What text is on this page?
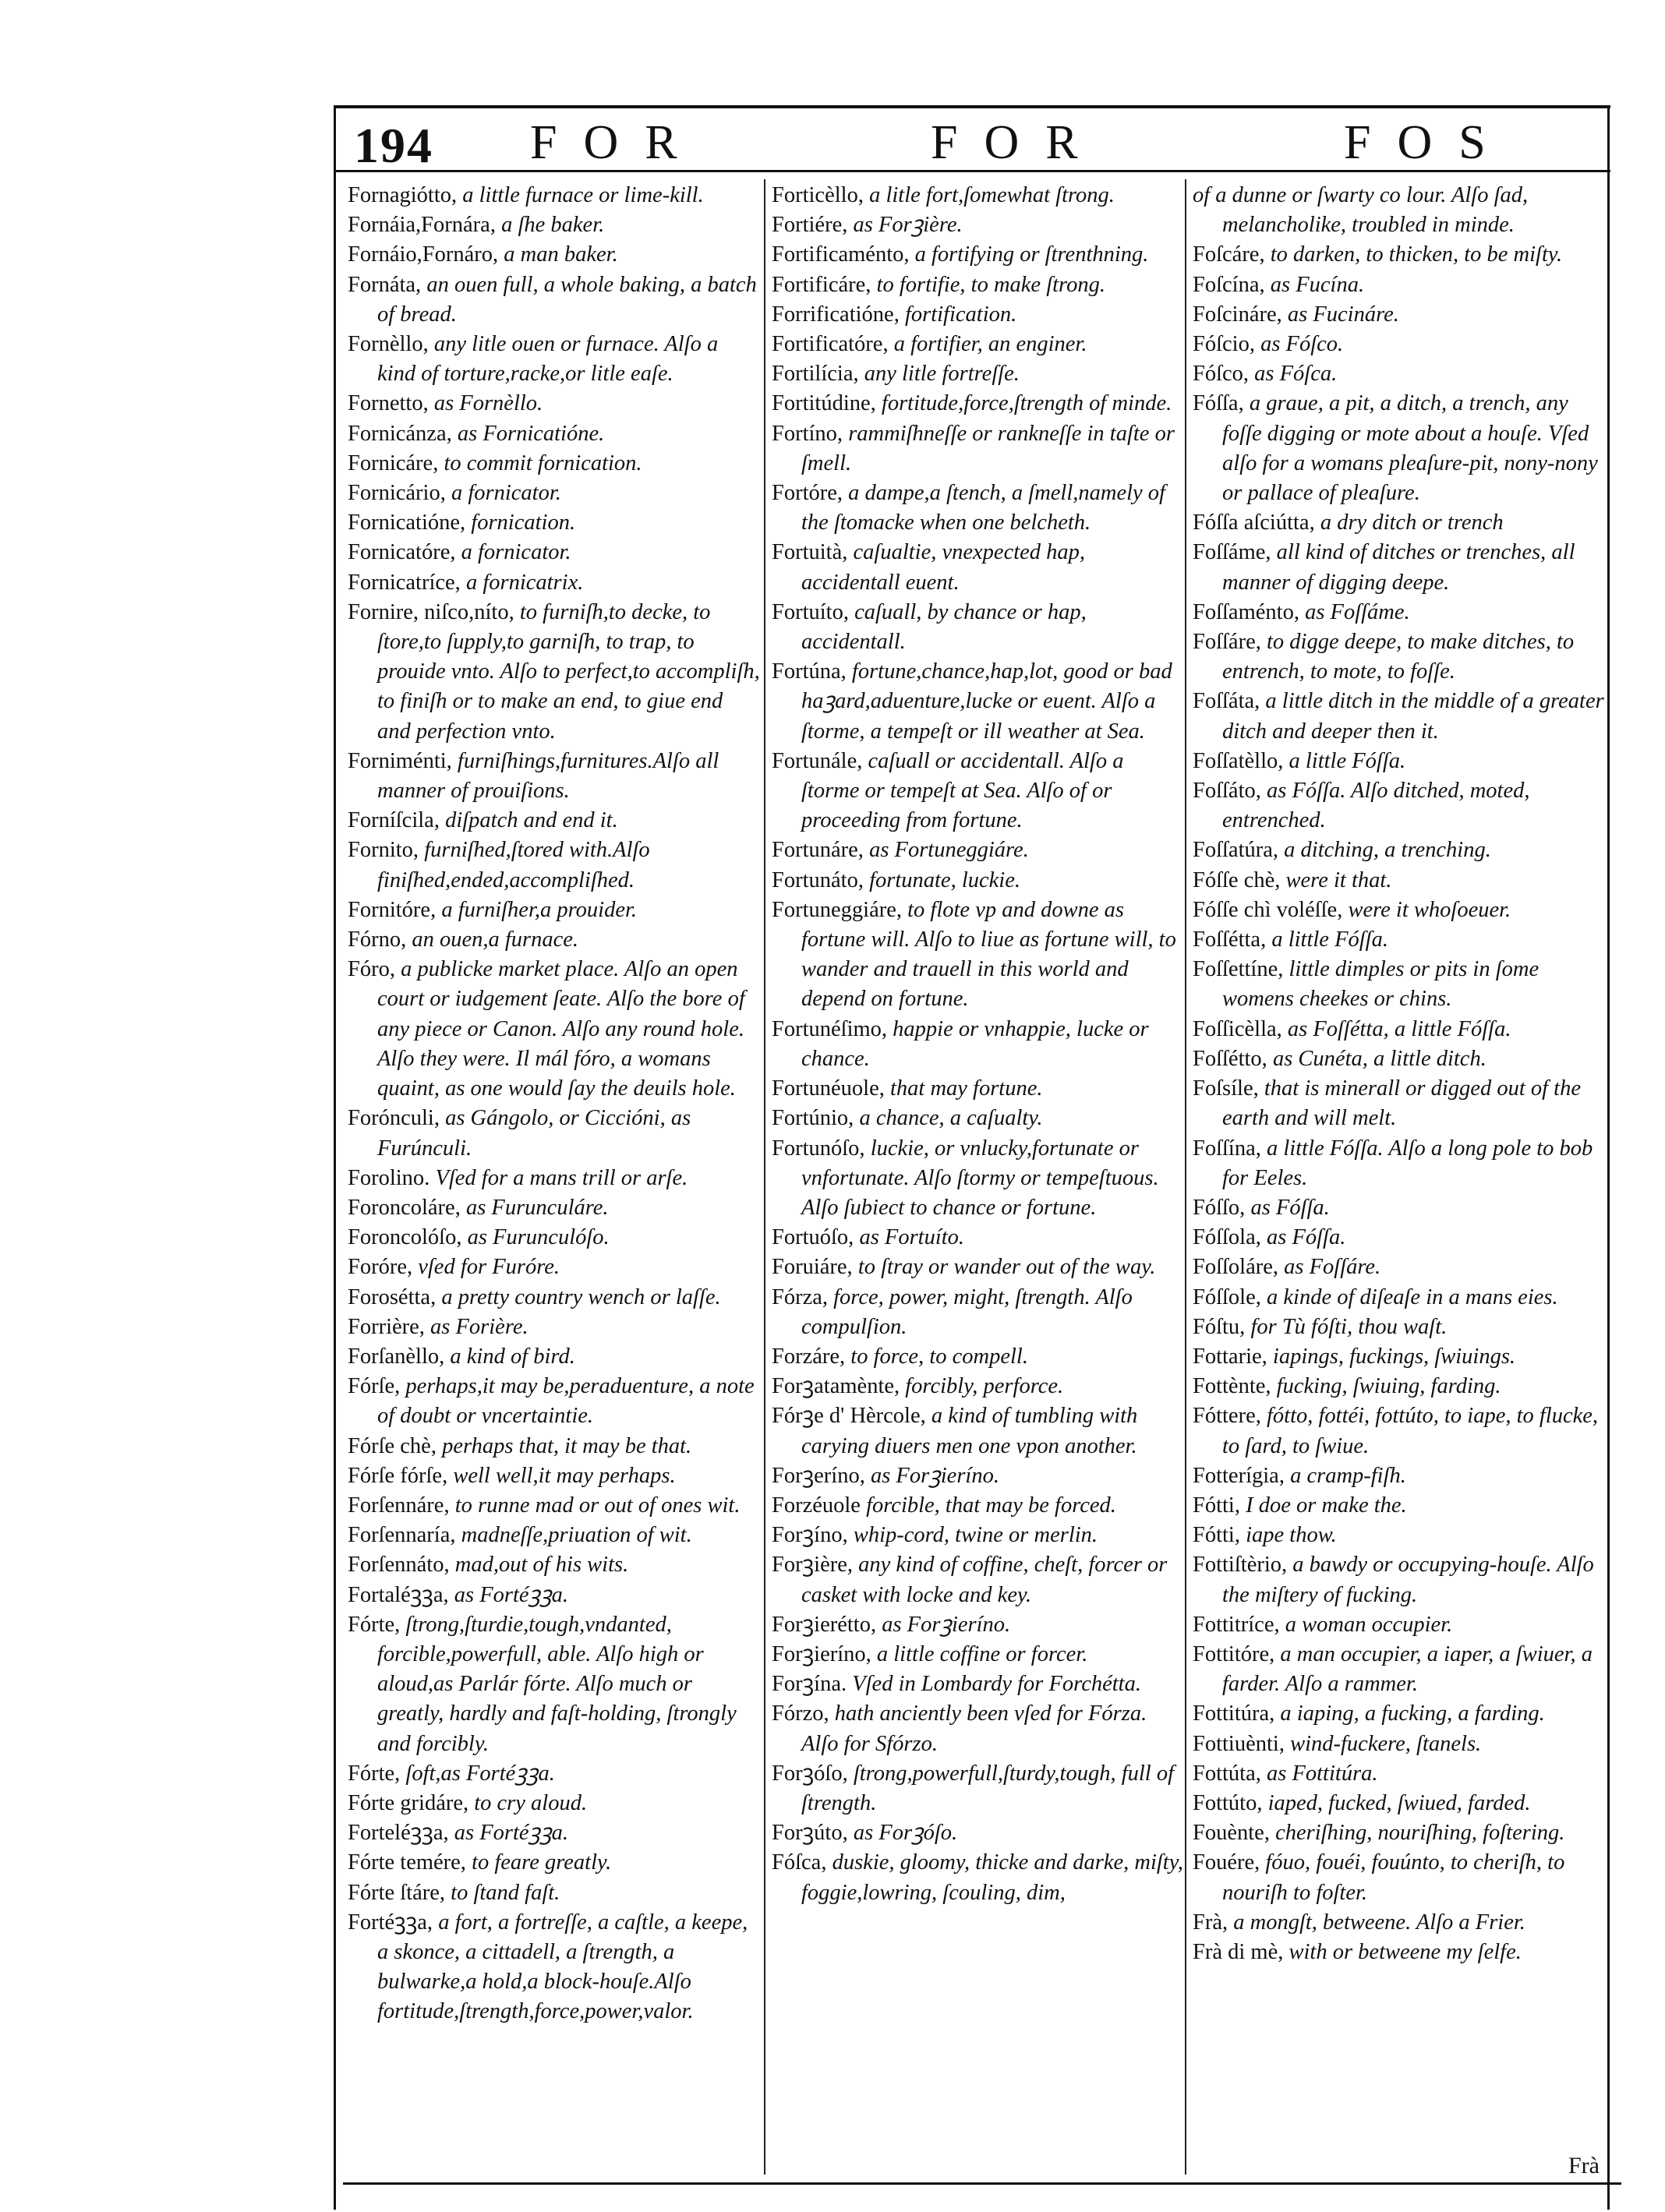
194 FOR	FOR	FOS

Fornagiótto, a little furnace or lime-kill.

Fornáia,Fornára, a ſhe baker.

Fornáio,Fornáro, a man baker.

Fornáta, an ouen full, a whole baking, a batch of bread.

Fornèllo, any litle ouen or furnace. Alſo a kind of torture,racke,or litle eaſe.

Fornetto, as Fornèllo.

Fornicánza, as Fornicatióne.

Fornicáre, to commit fornication.

Fornicário, a fornicator.

Fornicatióne, fornication.

Fornicatóre, a fornicator.

Fornicatríce, a fornicatrix.

Fornire, niſco,níto, to furniſh,to decke, to ſtore,to ſupply,to garniſh, to trap, to prouide vnto. Alſo to perfect,to accompliſh, to finiſh or to make an end, to giue end and perfection vnto.

Forniménti, furniſhings,furnitures.Alſo all manner of prouiſions.

Forníſcila, diſpatch and end it.

Fornito, furniſhed,ſtored with.Alſo finiſhed,ended,accompliſhed.

Fornitóre, a furniſher,a prouider.

Fórno, an ouen,a furnace.

Fóro, a publicke market place. Alſo an open court or iudgement ſeate. Alſo the bore of any piece or Canon. Alſo any round hole. Alſo they were. Il mál fóro, a womans quaint, as one would ſay the deuils hole.

Forónculi, as Gángolo, or Ciccióni, as Furúnculi.

Forolino. Vſed for a mans trill or arſe.

Foroncoláre, as Furunculáre.

Foroncolóſo, as Furunculóſo.

Foróre, vſed for Furóre.

Forosétta, a pretty country wench or laſſe.

Forrière, as Forière.

Forſanèllo, a kind of bird.

Fórſe, perhaps,it may be,peraduenture, a note of doubt or vncertaintie.

Fórſe chè, perhaps that, it may be that.

Fórſe fórſe, well well,it may perhaps.

Forſennáre, to runne mad or out of ones wit.

Forſennaría, madneſſe,priuation of wit.

Forſennáto, mad,out of his wits.

Fortaléꝫꝫa, as Fortéꝫꝫa.

Fórte, ſtrong,ſturdie,tough,vndanted, forcible,powerfull, able. Alſo high or aloud,as Parlár fórte. Alſo much or greatly, hardly and faſt-holding, ſtrongly and forcibly.

Fórte, ſoft,as Fortéꝫꝫa.

Fórte gridáre, to cry aloud.

Forteléꝫꝫa, as Fortéꝫꝫa.

Fórte temére, to feare greatly.

Fórte ſtáre, to ſtand faſt.

Fortéꝫꝫa, a fort, a fortreſſe, a caſtle, a keepe, a skonce, a cittadell, a ſtrength, a bulwarke,a hold,a block-houſe.Alſo fortitude,ſtrength,force,power,valor.

Forticèllo, a litle fort,ſomewhat ſtrong.

Fortiére, as Forꝫière.

Fortificaménto, a fortifying or ſtrenthning.

Fortificáre, to fortifie, to make ſtrong.

Forrificatióne, fortification.

Fortificatóre, a fortifier, an enginer.

Fortilícia, any litle fortreſſe.

Fortitúdine, fortitude,force,ſtrength of minde.

Fortíno, rammiſhneſſe or rankneſſe in taſte or ſmell.

Fortóre, a dampe,a ſtench, a ſmell,namely of the ſtomacke when one belcheth.

Fortuità, caſualtie, vnexpected hap, accidentall euent.

Fortuíto, caſuall, by chance or hap, accidentall.

Fortúna, fortune,chance,hap,lot, good or bad haꝫard,aduenture,lucke or euent. Alſo a ſtorme, a tempeſt or ill weather at Sea.

Fortunále, caſuall or accidentall. Alſo a ſtorme or tempeſt at Sea. Alſo of or proceeding from fortune.

Fortunáre, as Fortuneggiáre.

Fortunáto, fortunate, luckie.

Fortuneggiáre, to flote vp and downe as fortune will. Alſo to liue as fortune will, to wander and trauell in this world and depend on fortune.

Fortunéſimo, happie or vnhappie, lucke or chance.

Fortunéuole, that may fortune.

Fortúnio, a chance, a caſualty.

Fortunóſo, luckie, or vnlucky,fortunate or vnfortunate. Alſo ſtormy or tempeſtuous. Alſo ſubiect to chance or fortune.

Fortuóſo, as Fortuíto.

Foruiáre, to ſtray or wander out of the way.

Fórza, force, power, might, ſtrength. Alſo compulſion.

Forzáre, to force, to compell.

Forꝫatamènte, forcibly, perforce.

Fórꝫe d' Hèrcole, a kind of tumbling with carying diuers men one vpon another.

Forꝫeríno, as Forꝫieríno.

Forzéuole forcible, that may be forced.

Forꝫíno, whip-cord, twine or merlin.

Forꝫière, any kind of coffine, cheſt, forcer or casket with locke and key.

Forꝫierétto, as Forꝫieríno.

Forꝫieríno, a little coffine or forcer.

Forꝫína. Vſed in Lombardy for Forchétta.

Fórzo, hath anciently been vſed for Fórza. Alſo for Sfórzo.

Forꝫóſo, ſtrong,powerfull,ſturdy,tough, full of ſtrength.

Forꝫúto, as Forꝫóſo.

Fóſca, duskie, gloomy, thicke and darke, miſty, foggie,lowring, ſcouling, dim,

of a dunne or ſwarty co lour. Alſo ſad, melancholike, troubled in minde.

Foſcáre, to darken, to thicken, to be miſty.

Foſcína, as Fucína.

Foſcináre, as Fucináre.

Fóſcio, as Fóſco.

Fóſco, as Fóſca.

Fóſſa, a graue, a pit, a ditch, a trench, any foſſe digging or mote about a houſe. Vſed alſo for a womans pleaſure-pit, nony-nony or pallace of pleaſure.

Fóſſa aſciútta, a dry ditch or trench

Foſſáme, all kind of ditches or trenches, all manner of digging deepe.

Foſſaménto, as Foſſáme.

Foſſáre, to digge deepe, to make ditches, to entrench, to mote, to foſſe.

Foſſáta, a little ditch in the middle of a greater ditch and deeper then it.

Foſſatèllo, a little Fóſſa.

Foſſáto, as Fóſſa. Alſo ditched, moted, entrenched.

Foſſatúra, a ditching, a trenching.

Fóſſe chè, were it that.

Fóſſe chì voléſſe, were it whoſoeuer.

Foſſétta, a little Fóſſa.

Foſſettíne, little dimples or pits in ſome womens cheekes or chins.

Foſſicèlla, as Foſſétta, a little Fóſſa.

Foſſétto, as Cunéta, a little ditch.

Foſsíle, that is minerall or digged out of the earth and will melt.

Foſſína, a little Fóſſa. Alſo a long pole to bob for Eeles.

Fóſſo, as Fóſſa.

Fóſſola, as Fóſſa.

Foſſoláre, as Foſſáre.

Fóſſole, a kinde of diſeaſe in a mans eies.

Fóſtu, for Tù fóſti, thou waſt.

Fottarie, iapings, fuckings, ſwiuings.

Fottènte, fucking, ſwiuing, farding.

Fóttere, fótto, fottéi, fottúto, to iape, to flucke, to ſard, to ſwiue.

Fotterígia, a cramp-fiſh.

Fótti, I doe or make the.

Fótti, iape thow.

Fottiſtèrio, a bawdy or occupying-houſe. Alſo the miſtery of fucking.

Fottitríce, a woman occupier.

Fottitóre, a man occupier, a iaper, a ſwiuer, a farder. Alſo a rammer.

Fottitúra, a iaping, a fucking, a farding.

Fottiuènti, wind-fuckere, ſtanels.

Fottúta, as Fottitúra.

Fottúto, iaped, fucked, ſwiued, farded.

Fouènte, cheriſhing, nouriſhing, foſtering.

Fouére, fóuo, fouéi, fouúnto, to cheriſh, to nouriſh to foſter.

Frà, a mongſt, betweene. Alſo a Frier.

Frà di mè, with or betweene my ſelfe.

Frà
